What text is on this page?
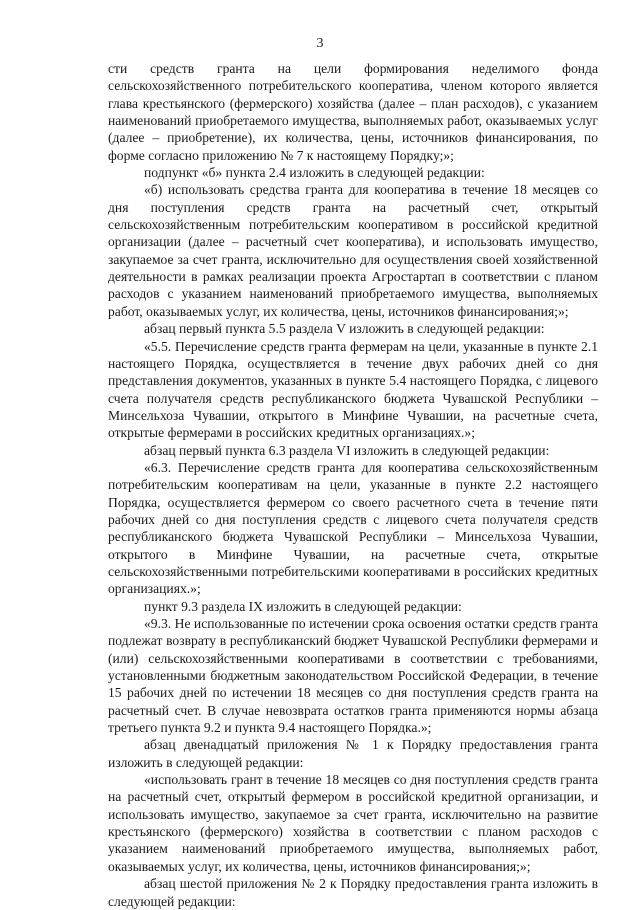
3

сти средств гранта на цели формирования неделимого фонда сельскохозяйственного потребительского кооператива, членом которого является глава крестьянского (фермерского) хозяйства (далее – план расходов), с указанием наименований приобретаемого имущества, выполняемых работ, оказываемых услуг (далее – приобретение), их количества, цены, источников финансирования, по форме согласно приложению № 7 к настоящему Порядку;»;

подпункт «б» пункта 2.4 изложить в следующей редакции:

«б) использовать средства гранта для кооператива в течение 18 месяцев со дня поступления средств гранта на расчетный счет, открытый сельскохозяйственным потребительским кооперативом в российской кредитной организации (далее – расчетный счет кооператива), и использовать имущество, закупаемое за счет гранта, исключительно для осуществления своей хозяйственной деятельности в рамках реализации проекта Агростартап в соответствии с планом расходов с указанием наименований приобретаемого имущества, выполняемых работ, оказываемых услуг, их количества, цены, источников финансирования;»;

абзац первый пункта 5.5 раздела V изложить в следующей редакции:

«5.5. Перечисление средств гранта фермерам на цели, указанные в пункте 2.1 настоящего Порядка, осуществляется в течение двух рабочих дней со дня представления документов, указанных в пункте 5.4 настоящего Порядка, с лицевого счета получателя средств республиканского бюджета Чувашской Республики – Минсельхоза Чувашии, открытого в Минфине Чувашии, на расчетные счета, открытые фермерами в российских кредитных организациях.»;

абзац первый пункта 6.3 раздела VI изложить в следующей редакции:

«6.3. Перечисление средств гранта для кооператива сельскохозяйственным потребительским кооперативам на цели, указанные в пункте 2.2 настоящего Порядка, осуществляется фермером со своего расчетного счета в течение пяти рабочих дней со дня поступления средств с лицевого счета получателя средств республиканского бюджета Чувашской Республики – Минсельхоза Чувашии, открытого в Минфине Чувашии, на расчетные счета, открытые сельскохозяйственными потребительскими кооперативами в российских кредитных организациях.»;

пункт 9.3 раздела IX изложить в следующей редакции:

«9.3. Не использованные по истечении срока освоения остатки средств гранта подлежат возврату в республиканский бюджет Чувашской Республики фермерами и (или) сельскохозяйственными кооперативами в соответствии с требованиями, установленными бюджетным законодательством Российской Федерации, в течение 15 рабочих дней по истечении 18 месяцев со дня поступления средств гранта на расчетный счет. В случае невозврата остатков гранта применяются нормы абзаца третьего пункта 9.2 и пункта 9.4 настоящего Порядка.»;

абзац двенадцатый приложения № 1 к Порядку предоставления гранта изложить в следующей редакции:

«использовать грант в течение 18 месяцев со дня поступления средств гранта на расчетный счет, открытый фермером в российской кредитной организации, и использовать имущество, закупаемое за счет гранта, исключительно на развитие крестьянского (фермерского) хозяйства в соответствии с планом расходов с указанием наименований приобретаемого имущества, выполняемых работ, оказываемых услуг, их количества, цены, источников финансирования;»;

абзац шестой приложения № 2 к Порядку предоставления гранта изложить в следующей редакции:
